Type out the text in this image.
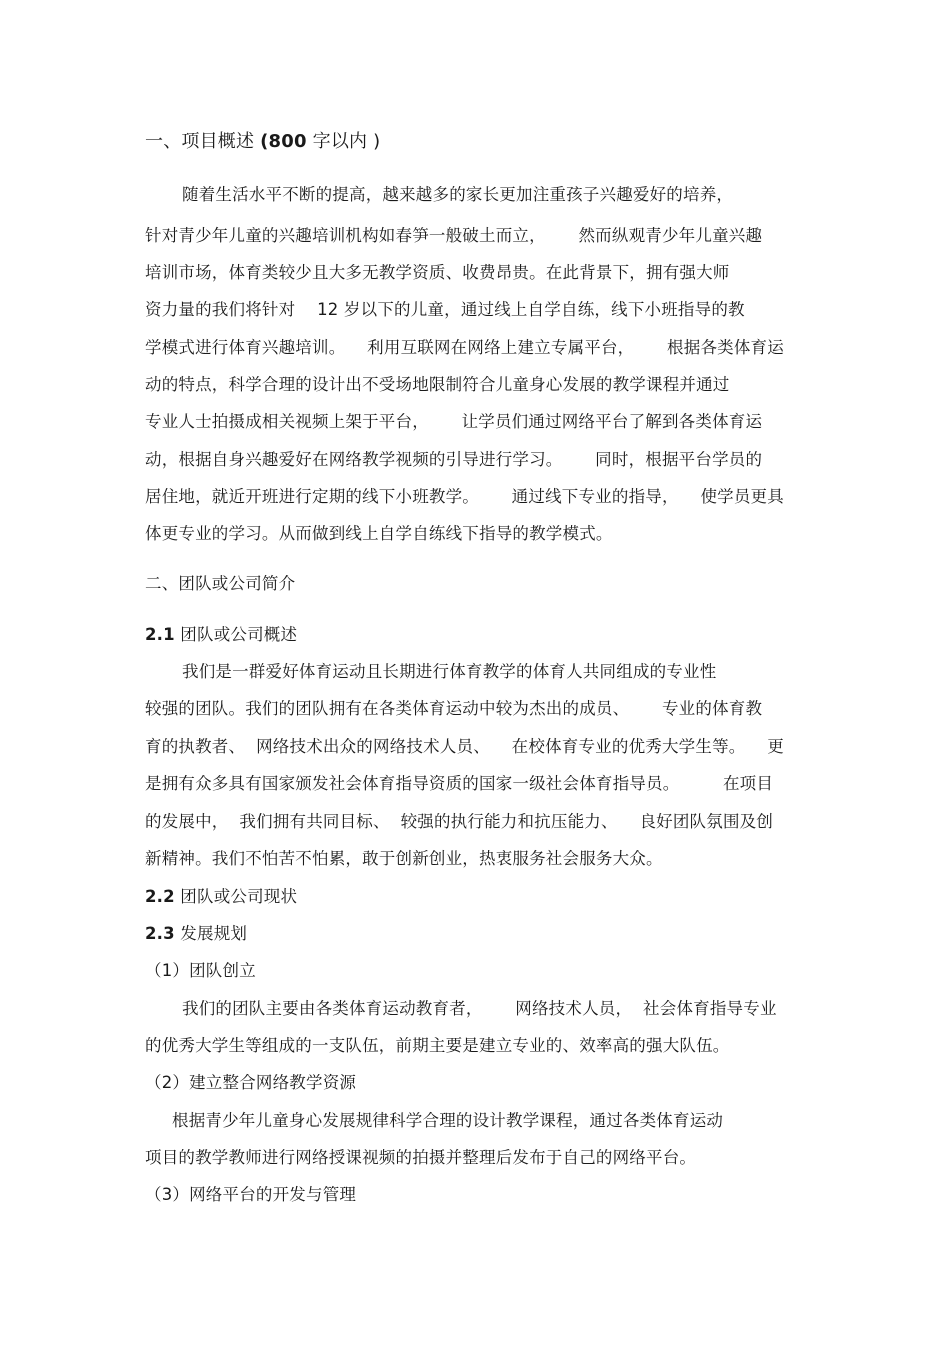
一、项目概述 (800 字以内 )
随着生活水平不断的提高，越来越多的家长更加注重孩子兴趣爱好的培养，
针对青少年儿童的兴趣培训机构如春笋一般破土而立，      然而纵观青少年儿童兴趣
培训市场，体育类较少且大多无教学资质、收费昂贵。在此背景下，拥有强大师
资力量的我们将针对    12 岁以下的儿童，通过线上自学自练，线下小班指导的教
学模式进行体育兴趣培训。    利用互联网在网络上建立专属平台，      根据各类体育运
动的特点，科学合理的设计出不受场地限制符合儿童身心发展的教学课程并通过
专业人士拍摄成相关视频上架于平台，      让学员们通过网络平台了解到各类体育运
动，根据自身兴趣爱好在网络教学视频的引导进行学习。      同时，根据平台学员的
居住地，就近开班进行定期的线下小班教学。      通过线下专业的指导，    使学员更具
体更专业的学习。从而做到线上自学自练线下指导的教学模式。
二、团队或公司简介
2.1 团队或公司概述
我们是一群爱好体育运动且长期进行体育教学的体育人共同组成的专业性
较强的团队。我们的团队拥有在各类体育运动中较为杰出的成员、      专业的体育教
育的执教者、  网络技术出众的网络技术人员、    在校体育专业的优秀大学生等。    更
是拥有众多具有国家颁发社会体育指导资质的国家一级社会体育指导员。        在项目
的发展中，  我们拥有共同目标、  较强的执行能力和抗压能力、    良好团队氛围及创
新精神。我们不怕苦不怕累，敢于创新创业，热衷服务社会服务大众。
2.2 团队或公司现状
2.3 发展规划
（1）团队创立
我们的团队主要由各类体育运动教育者，      网络技术人员，  社会体育指导专业
的优秀大学生等组成的一支队伍，前期主要是建立专业的、效率高的强大队伍。
（2）建立整合网络教学资源
根据青少年儿童身心发展规律科学合理的设计教学课程，通过各类体育运动
项目的教学教师进行网络授课视频的拍摄并整理后发布于自己的网络平台。
（3）网络平台的开发与管理
